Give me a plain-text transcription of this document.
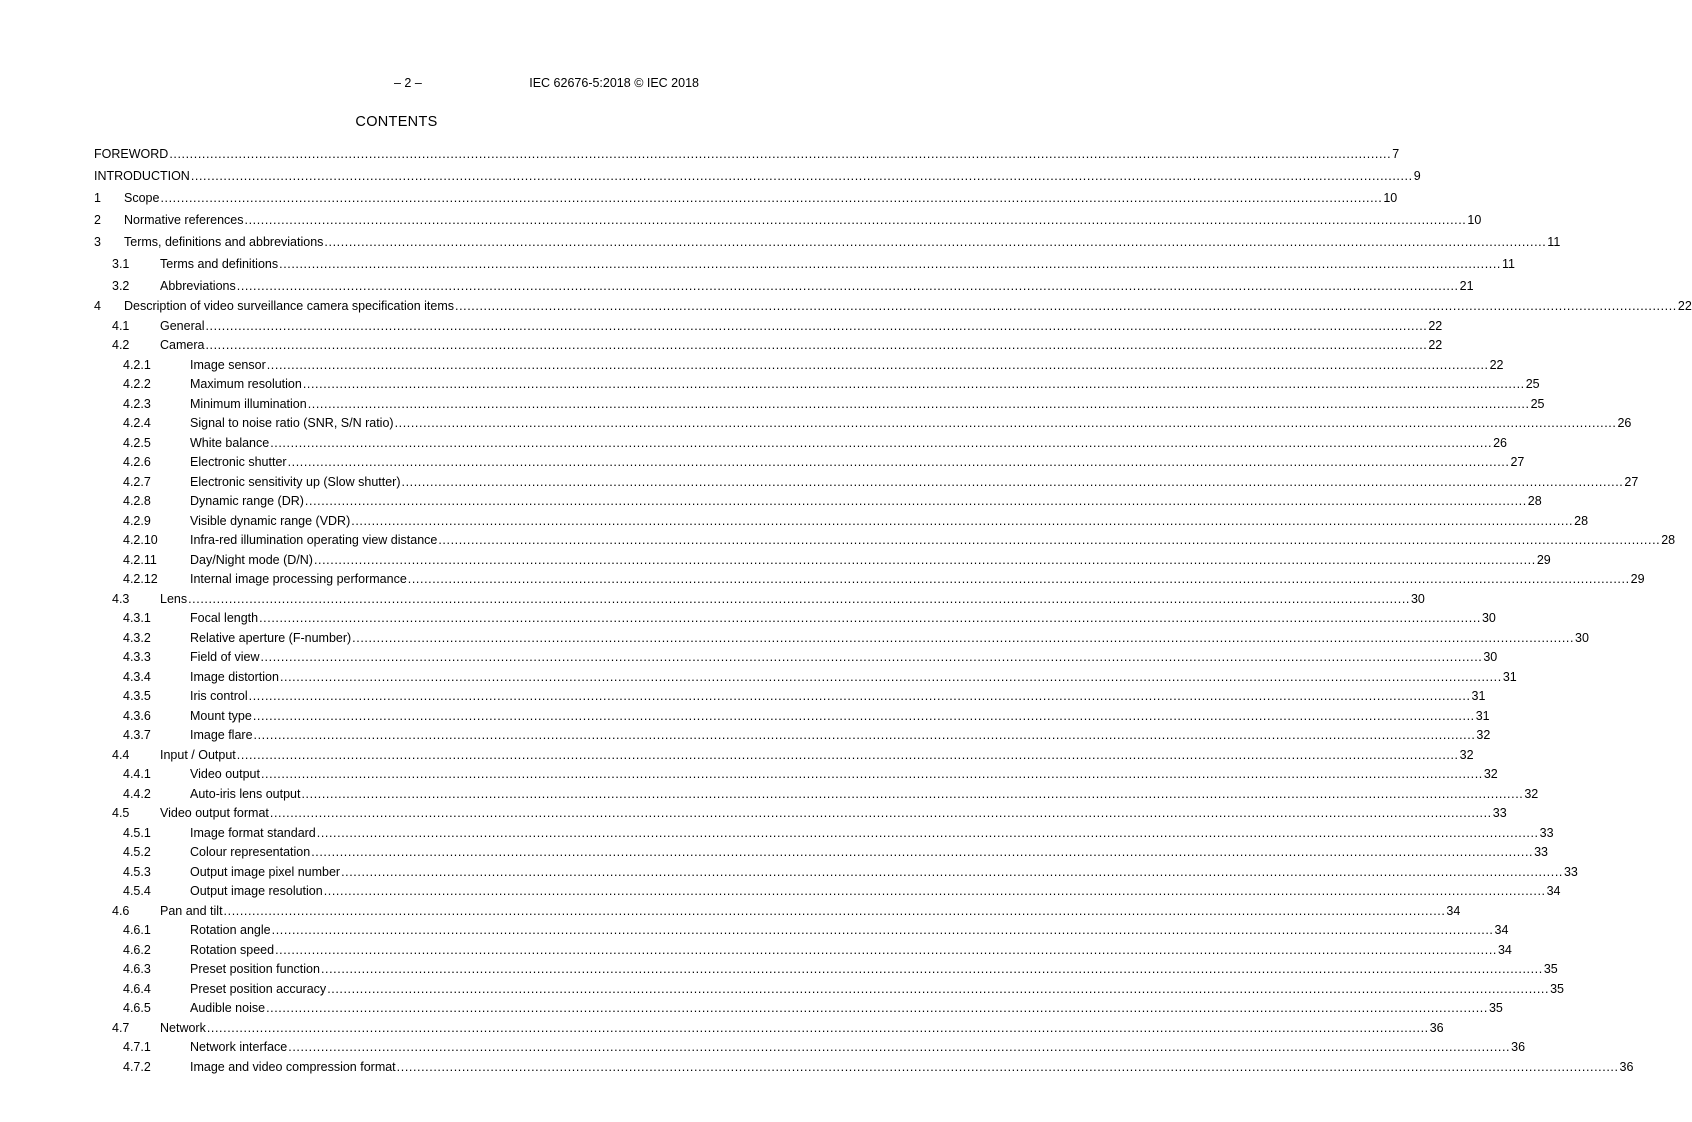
– 2 –	IEC 62676-5:2018 © IEC 2018
CONTENTS
FOREWORD ............................................................................................................................................................................................................................................................................................................ 7
INTRODUCTION ............................................................................................................................................................................................................................................................................................................ 9
1 Scope ............................................................................................................................................................................................................................................................................................................ 10
2 Normative references ............................................................................................................................................................................................................................................................................................................ 10
3 Terms, definitions and abbreviations ............................................................................................................................................................................................................................................................................................................ 11
3.1 Terms and definitions ............................................................................................................................................................................................................................................................................................................ 11
3.2 Abbreviations ............................................................................................................................................................................................................................................................................................................ 21
4 Description of video surveillance camera specification items ............................................................................................................................................................................................................................................................................................................ 22
4.1 General ............................................................................................................................................................................................................................................................................................................ 22
4.2 Camera ............................................................................................................................................................................................................................................................................................................ 22
4.2.1	Image sensor ............................................................................................................................................................................................................................................................................................................ 22
4.2.2	Maximum resolution ............................................................................................................................................................................................................................................................................................................ 25
4.2.3	Minimum illumination ............................................................................................................................................................................................................................................................................................................ 25
4.2.4	Signal to noise ratio (SNR, S/N ratio) ............................................................................................................................................................................................................................................................................................................ 26
4.2.5	White balance ............................................................................................................................................................................................................................................................................................................ 26
4.2.6	Electronic shutter ............................................................................................................................................................................................................................................................................................................ 27
4.2.7	Electronic sensitivity up (Slow shutter) ............................................................................................................................................................................................................................................................................................................ 27
4.2.8	Dynamic range (DR) ............................................................................................................................................................................................................................................................................................................ 28
4.2.9	Visible dynamic range (VDR) ............................................................................................................................................................................................................................................................................................................ 28
4.2.10	Infra-red illumination operating view distance ............................................................................................................................................................................................................................................................................................................ 28
4.2.11	Day/Night mode (D/N) ............................................................................................................................................................................................................................................................................................................ 29
4.2.12	Internal image processing performance ............................................................................................................................................................................................................................................................................................................ 29
4.3 Lens ............................................................................................................................................................................................................................................................................................................ 30
4.3.1	Focal length ............................................................................................................................................................................................................................................................................................................ 30
4.3.2	Relative aperture (F-number) ............................................................................................................................................................................................................................................................................................................ 30
4.3.3	Field of view ............................................................................................................................................................................................................................................................................................................ 30
4.3.4	Image distortion ............................................................................................................................................................................................................................................................................................................ 31
4.3.5	Iris control ............................................................................................................................................................................................................................................................................................................ 31
4.3.6	Mount type ............................................................................................................................................................................................................................................................................................................ 31
4.3.7	Image flare ............................................................................................................................................................................................................................................................................................................ 32
4.4 Input / Output ............................................................................................................................................................................................................................................................................................................ 32
4.4.1	Video output ............................................................................................................................................................................................................................................................................................................ 32
4.4.2	Auto-iris lens output ............................................................................................................................................................................................................................................................................................................ 32
4.5 Video output format ............................................................................................................................................................................................................................................................................................................ 33
4.5.1	Image format standard ............................................................................................................................................................................................................................................................................................................ 33
4.5.2	Colour representation ............................................................................................................................................................................................................................................................................................................ 33
4.5.3	Output image pixel number ............................................................................................................................................................................................................................................................................................................ 33
4.5.4	Output image resolution ............................................................................................................................................................................................................................................................................................................ 34
4.6 Pan and tilt ............................................................................................................................................................................................................................................................................................................ 34
4.6.1	Rotation angle ............................................................................................................................................................................................................................................................................................................ 34
4.6.2	Rotation speed ............................................................................................................................................................................................................................................................................................................ 34
4.6.3	Preset position function ............................................................................................................................................................................................................................................................................................................ 35
4.6.4	Preset position accuracy ............................................................................................................................................................................................................................................................................................................ 35
4.6.5	Audible noise ............................................................................................................................................................................................................................................................................................................ 35
4.7 Network ............................................................................................................................................................................................................................................................................................................ 36
4.7.1	Network interface ............................................................................................................................................................................................................................................................................................................ 36
4.7.2	Image and video compression format ............................................................................................................................................................................................................................................................................................................ 36
